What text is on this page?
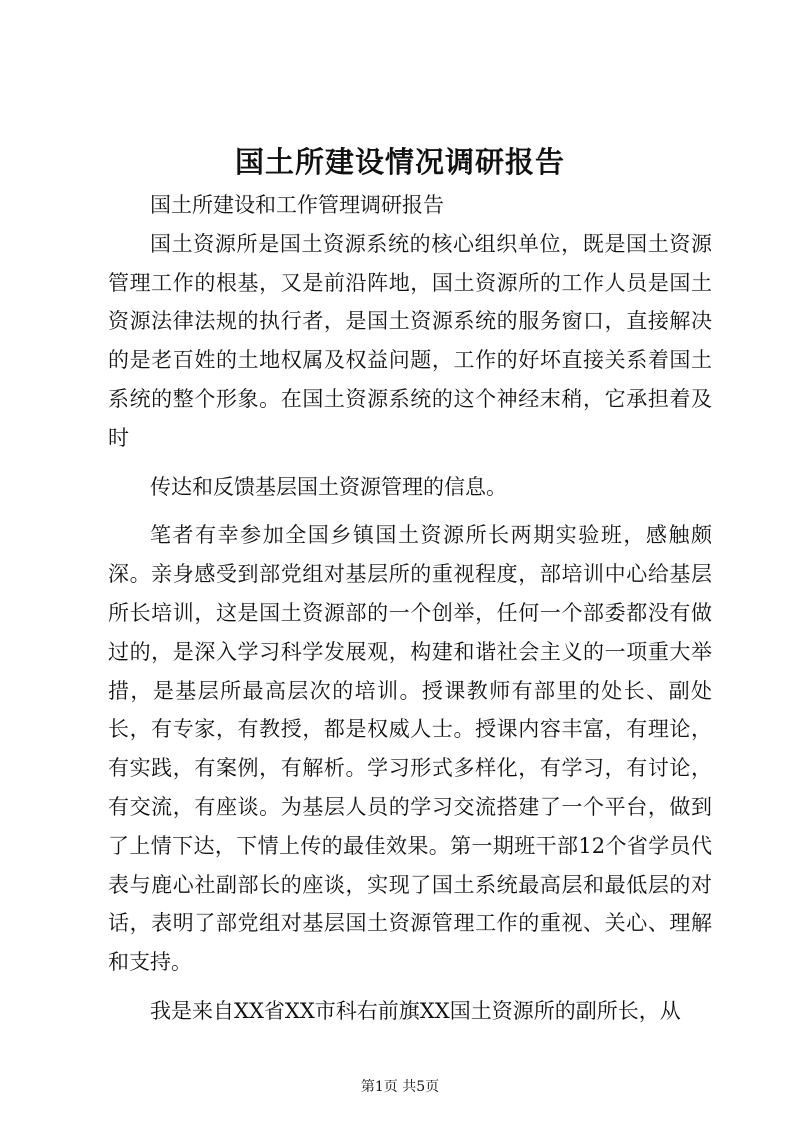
国土所建设情况调研报告

国土所建设和工作管理调研报告

国土资源所是国土资源系统的核心组织单位，既是国土资源管理工作的根基，又是前沿阵地，国土资源所的工作人员是国土资源法律法规的执行者，是国土资源系统的服务窗口，直接解决的是老百姓的土地权属及权益问题，工作的好坏直接关系着国土系统的整个形象。在国土资源系统的这个神经末稍，它承担着及时

传达和反馈基层国土资源管理的信息。

笔者有幸参加全国乡镇国土资源所长两期实验班，感触颇深。亲身感受到部党组对基层所的重视程度，部培训中心给基层所长培训，这是国土资源部的一个创举，任何一个部委都没有做过的，是深入学习科学发展观，构建和谐社会主义的一项重大举措，是基层所最高层次的培训。授课教师有部里的处长、副处长，有专家，有教授，都是权威人士。授课内容丰富，有理论，有实践，有案例，有解析。学习形式多样化，有学习，有讨论，有交流，有座谈。为基层人员的学习交流搭建了一个平台，做到了上情下达，下情上传的最佳效果。第一期班干部12个省学员代表与鹿心社副部长的座谈，实现了国土系统最高层和最低层的对话，表明了部党组对基层国土资源管理工作的重视、关心、理解和支持。

我是来自XX省XX市科右前旗XX国土资源所的副所长，从

第1页 共5页
